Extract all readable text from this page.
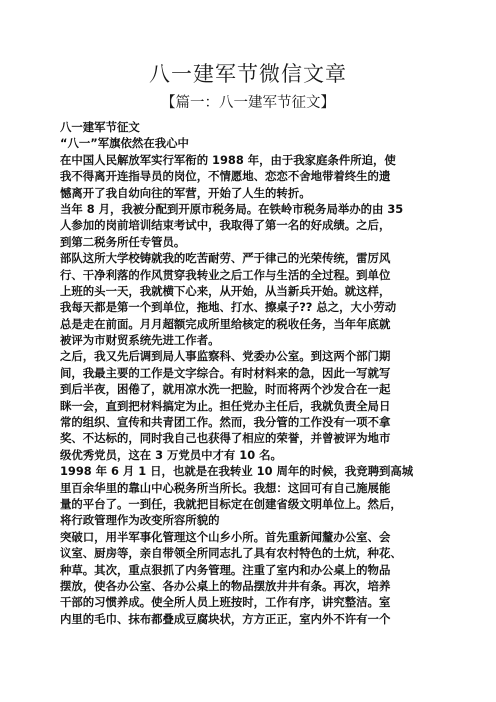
八一建军节微信文章
【篇一：八一建军节征文】
八一建军节征文
“八一”军旗依然在我心中
在中国人民解放军实行军衔的 1988 年，由于我家庭条件所迫，使
我不得离开连指导员的岗位，不情愿地、恋恋不舍地带着终生的遗
憾离开了我自幼向往的军营，开始了人生的转折。
当年 8 月，我被分配到开原市税务局。在铁岭市税务局举办的由 35
人参加的岗前培训结束考试中，我取得了第一名的好成绩。之后，
到第二税务所任专管员。
部队这所大学校铸就我的吃苦耐劳、严于律己的光荣传统，雷厉风
行、干净利落的作风贯穿我转业之后工作与生活的全过程。到单位
上班的头一天，我就横下心来，从开始，从当新兵开始。就这样，
我每天都是第一个到单位，拖地、打水、擦桌子?? 总之，大小劳动
总是走在前面。月月超额完成所里给核定的税收任务，当年年底就
被评为市财贸系统先进工作者。
之后，我又先后调到局人事监察科、党委办公室。到这两个部门期
间，我最主要的工作是文字综合。有时材料来的急，因此一写就写
到后半夜，困倦了，就用凉水洗一把脸，时而将两个沙发合在一起
眯一会，直到把材料搞定为止。担任党办主任后，我就负责全局日
常的组织、宣传和共青团工作。然而，我分管的工作没有一项不拿
奖、不达标的，同时我自己也获得了相应的荣誉，并曾被评为地市
级优秀党员，这在 3 万党员中才有 10 名。
1998 年 6 月 1 日，也就是在我转业 10 周年的时候，我竞聘到高城
里百余华里的靠山中心税务所当所长。我想：这回可有自己施展能
量的平台了。一到任，我就把目标定在创建省级文明单位上。然后，
将行政管理作为改变所容所貌的
突破口，用半军事化管理这个山乡小所。首先重新闻釐办公室、会
议室、厨房等，亲自带领全所同志扎了具有农村特色的土炕，种花、
种草。其次，重点狠抓了内务管理。注重了室内和办公桌上的物品
摆放，使各办公室、各办公桌上的物品摆放井井有条。再次，培养
干部的习惯养成。使全所人员上班按时，工作有序，讲究整洁。室
内里的毛巾、抹布都叠成豆腐块状，方方正正，室内外不许有一个
